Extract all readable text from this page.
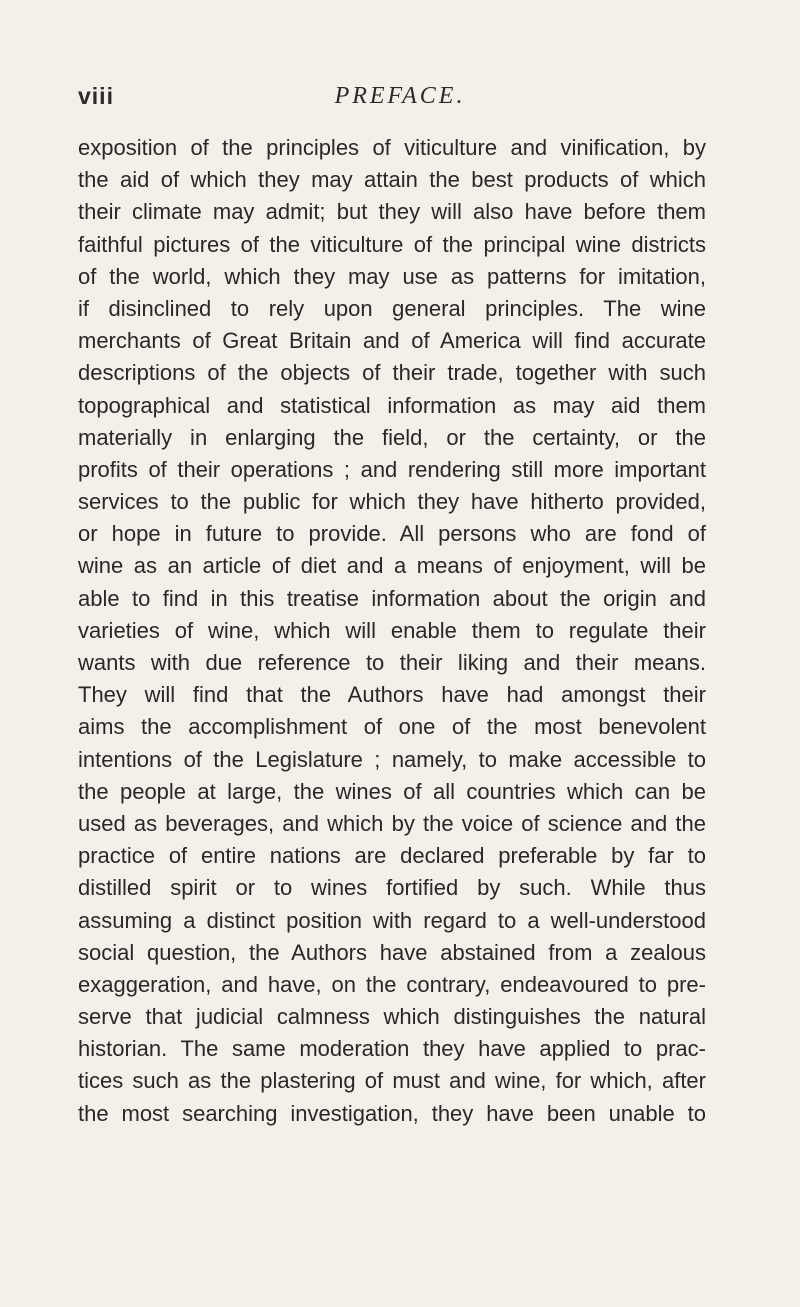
viii	PREFACE.
exposition of the principles of viticulture and vinification, by
the aid of which they may attain the best products of which
their climate may admit; but they will also have before them
faithful pictures of the viticulture of the principal wine districts
of the world, which they may use as patterns for imitation,
if disinclined to rely upon general principles. The wine
merchants of Great Britain and of America will find accurate
descriptions of the objects of their trade, together with such
topographical and statistical information as may aid them
materially in enlarging the field, or the certainty, or the
profits of their operations ; and rendering still more important
services to the public for which they have hitherto provided,
or hope in future to provide. All persons who are fond of
wine as an article of diet and a means of enjoyment, will be
able to find in this treatise information about the origin and
varieties of wine, which will enable them to regulate their
wants with due reference to their liking and their means.
They will find that the Authors have had amongst their
aims the accomplishment of one of the most benevolent
intentions of the Legislature ; namely, to make accessible to
the people at large, the wines of all countries which can be
used as beverages, and which by the voice of science and the
practice of entire nations are declared preferable by far to
distilled spirit or to wines fortified by such. While thus
assuming a distinct position with regard to a well-understood
social question, the Authors have abstained from a zealous
exaggeration, and have, on the contrary, endeavoured to pre-
serve that judicial calmness which distinguishes the natural
historian. The same moderation they have applied to prac-
tices such as the plastering of must and wine, for which, after
the most searching investigation, they have been unable to
